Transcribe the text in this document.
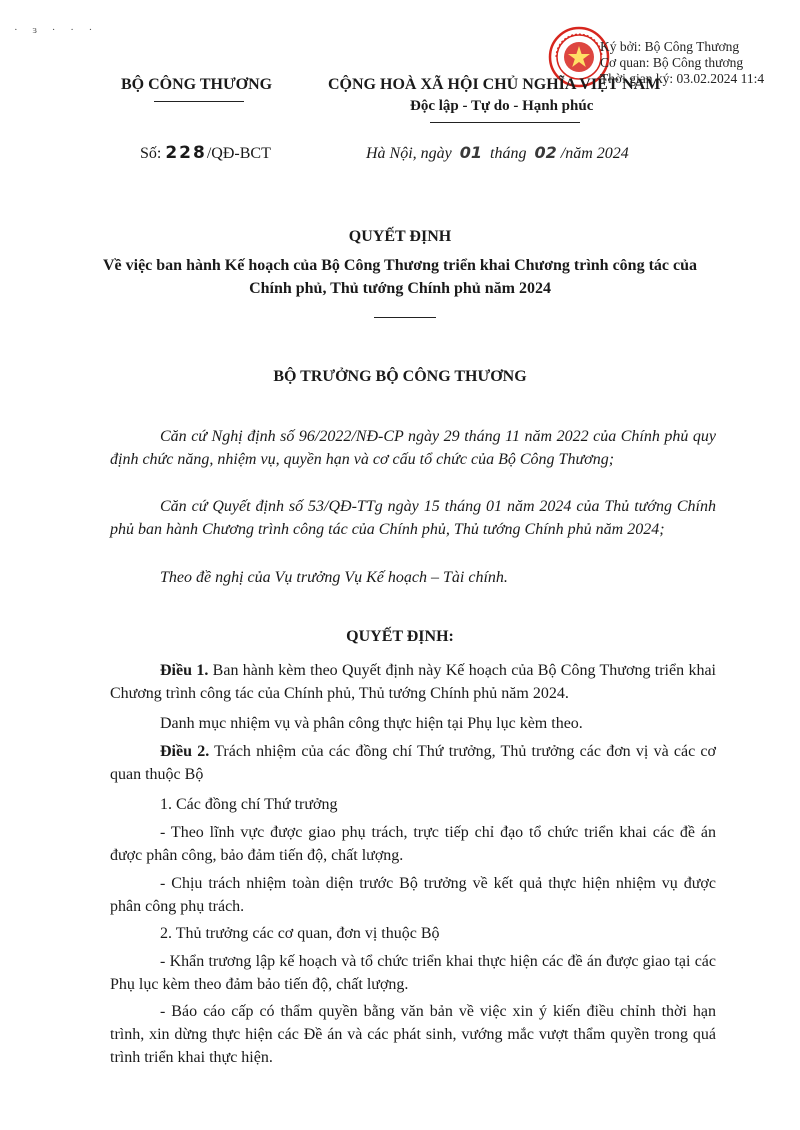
· ɜ · · ·
Ký bởi: Bộ Công Thương
Cơ quan: Bộ Công thương
Thời gian ký: 03.02.2024 11:4
BỘ CÔNG THƯƠNG	CỘNG HOÀ XÃ HỘI CHỦ NGHĨA VIỆT NAM
Độc lập - Tự do - Hạnh phúc
Số: 228/QĐ-BCT	Hà Nội, ngày 01 tháng 02 /năm 2024
QUYẾT ĐỊNH
Về việc ban hành Kế hoạch của Bộ Công Thương triển khai Chương trình công tác của Chính phủ, Thủ tướng Chính phủ năm 2024
BỘ TRƯỞNG BỘ CÔNG THƯƠNG
Căn cứ Nghị định số 96/2022/NĐ-CP ngày 29 tháng 11 năm 2022 của Chính phủ quy định chức năng, nhiệm vụ, quyền hạn và cơ cấu tổ chức của Bộ Công Thương;
Căn cứ Quyết định số 53/QĐ-TTg ngày 15 tháng 01 năm 2024 của Thủ tướng Chính phủ ban hành Chương trình công tác của Chính phủ, Thủ tướng Chính phủ năm 2024;
Theo đề nghị của Vụ trưởng Vụ Kế hoạch – Tài chính.
QUYẾT ĐỊNH:
Điều 1. Ban hành kèm theo Quyết định này Kế hoạch của Bộ Công Thương triển khai Chương trình công tác của Chính phủ, Thủ tướng Chính phủ năm 2024.
Danh mục nhiệm vụ và phân công thực hiện tại Phụ lục kèm theo.
Điều 2. Trách nhiệm của các đồng chí Thứ trưởng, Thủ trưởng các đơn vị và các cơ quan thuộc Bộ
1. Các đồng chí Thứ trưởng
- Theo lĩnh vực được giao phụ trách, trực tiếp chỉ đạo tổ chức triển khai các đề án được phân công, bảo đảm tiến độ, chất lượng.
- Chịu trách nhiệm toàn diện trước Bộ trưởng về kết quả thực hiện nhiệm vụ được phân công phụ trách.
2. Thủ trưởng các cơ quan, đơn vị thuộc Bộ
- Khẩn trương lập kế hoạch và tổ chức triển khai thực hiện các đề án được giao tại các Phụ lục kèm theo đảm bảo tiến độ, chất lượng.
- Báo cáo cấp có thẩm quyền bằng văn bản về việc xin ý kiến điều chỉnh thời hạn trình, xin dừng thực hiện các Đề án và các phát sinh, vướng mắc vượt thẩm quyền trong quá trình triển khai thực hiện.
